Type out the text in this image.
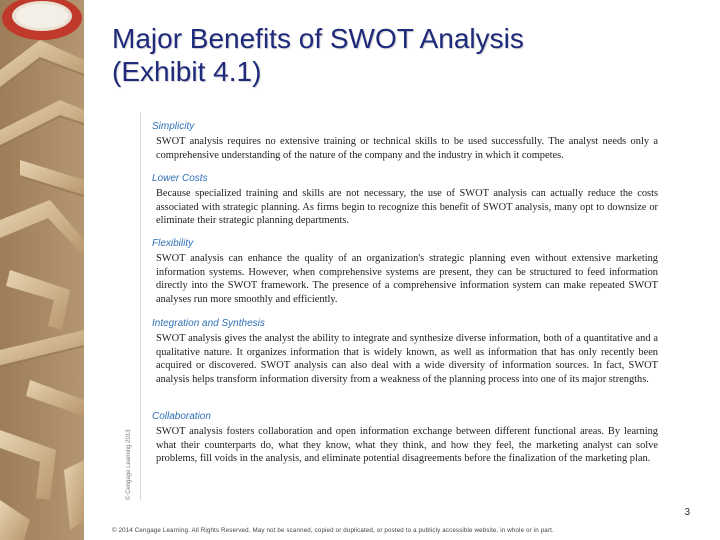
Major Benefits of SWOT Analysis
(Exhibit 4.1)
© Cengage Learning 2013
Simplicity

SWOT analysis requires no extensive training or technical skills to be used successfully. The analyst needs only a comprehensive understanding of the nature of the company and the industry in which it competes.

Lower Costs

Because specialized training and skills are not necessary, the use of SWOT analysis can actually reduce the costs associated with strategic planning. As firms begin to recognize this benefit of SWOT analysis, many opt to downsize or eliminate their strategic planning departments.

Flexibility

SWOT analysis can enhance the quality of an organization's strategic planning even without extensive marketing information systems. However, when comprehensive systems are present, they can be structured to feed information directly into the SWOT framework. The presence of a comprehensive information system can make repeated SWOT analyses run more smoothly and efficiently.

Integration and Synthesis

SWOT analysis gives the analyst the ability to integrate and synthesize diverse information, both of a quantitative and a qualitative nature. It organizes information that is widely known, as well as information that has only recently been acquired or discovered. SWOT analysis can also deal with a wide diversity of information sources. In fact, SWOT analysis helps transform information diversity from a weakness of the planning process into one of its major strengths.

Collaboration

SWOT analysis fosters collaboration and open information exchange between different functional areas. By learning what their counterparts do, what they know, what they think, and how they feel, the marketing analyst can solve problems, fill voids in the analysis, and eliminate potential disagreements before the finalization of the marketing plan.

3
© 2014 Cengage Learning. All Rights Reserved. May not be scanned, copied or duplicated, or posted to a publicly accessible website, in whole or in part.
